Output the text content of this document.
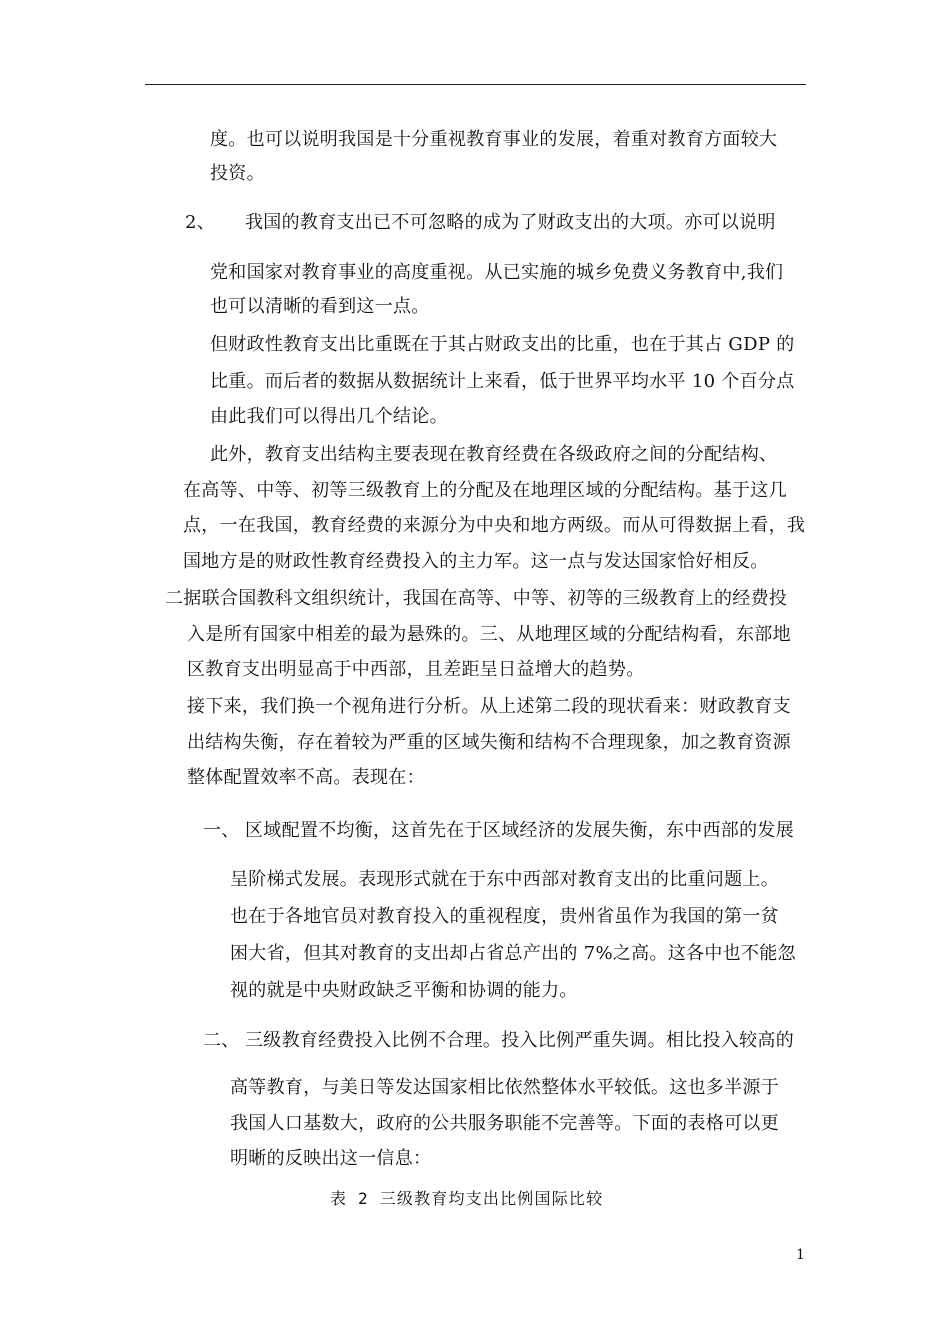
度。也可以说明我国是十分重视教育事业的发展，着重对教育方面较大
投资。
2、 我国的教育支出已不可忽略的成为了财政支出的大项。亦可以说明
党和国家对教育事业的高度重视。从已实施的城乡免费义务教育中,我们
也可以清晰的看到这一点。
但财政性教育支出比重既在于其占财政支出的比重，也在于其占 GDP 的
比重。而后者的数据从数据统计上来看，低于世界平均水平 10 个百分点
由此我们可以得出几个结论。
此外，教育支出结构主要表现在教育经费在各级政府之间的分配结构、
在高等、中等、初等三级教育上的分配及在地理区域的分配结构。基于这几
点，一在我国，教育经费的来源分为中央和地方两级。而从可得数据上看，我
国地方是的财政性教育经费投入的主力军。这一点与发达国家恰好相反。
二据联合国教科文组织统计，我国在高等、中等、初等的三级教育上的经费投
入是所有国家中相差的最为悬殊的。三、从地理区域的分配结构看，东部地
区教育支出明显高于中西部，且差距呈日益增大的趋势。
接下来，我们换一个视角进行分析。从上述第二段的现状看来：财政教育支
出结构失衡，存在着较为严重的区域失衡和结构不合理现象，加之教育资源
整体配置效率不高。表现在：
一、 区域配置不均衡，这首先在于区域经济的发展失衡，东中西部的发展
呈阶梯式发展。表现形式就在于东中西部对教育支出的比重问题上。
也在于各地官员对教育投入的重视程度，贵州省虽作为我国的第一贫
困大省，但其对教育的支出却占省总产出的 7%之高。这各中也不能忽
视的就是中央财政缺乏平衡和协调的能力。
二、 三级教育经费投入比例不合理。投入比例严重失调。相比投入较高的
高等教育，与美日等发达国家相比依然整体水平较低。这也多半源于
我国人口基数大，政府的公共服务职能不完善等。下面的表格可以更
明晰的反映出这一信息：
表 2 三级教育均支出比例国际比较
1
